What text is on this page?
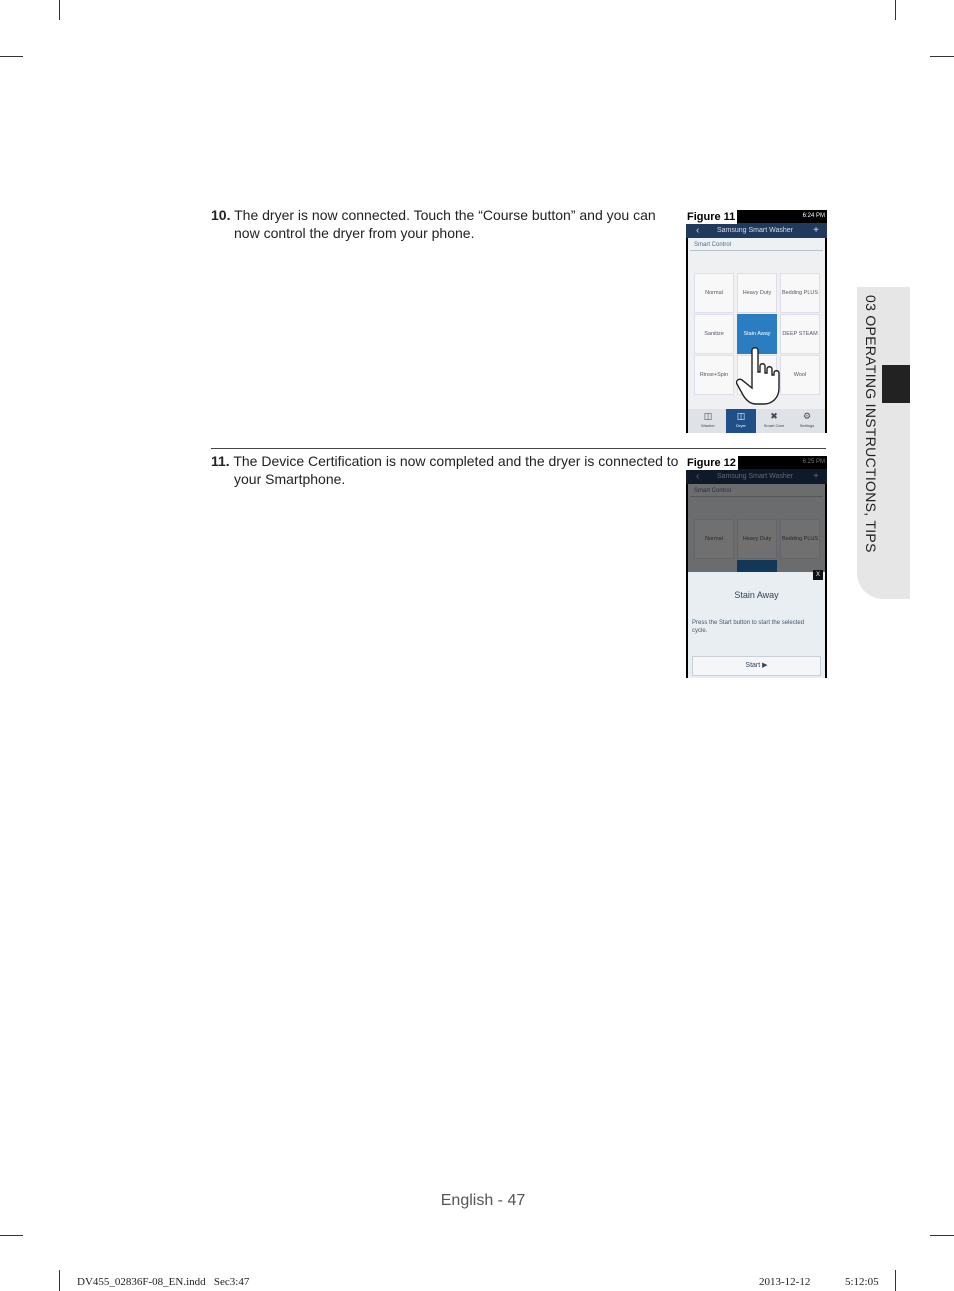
10. The dryer is now connected. Touch the “Course button” and you can now control the dryer from your phone.
Figure 11	6:24 PM
‹	Samsung Smart Washer +
Smart Control
Normal	Heavy Duty	Bedding PLUS
Sanitize	Stain Away	DEEP STEAM
Rinse+Spin	Wool
◫
Washer
◫
Dryer
✖
Smart Care
⚙
Settings
11. The Device Certification is now completed and the dryer is connected to your Smartphone.
Figure 12
X
Stain Away
Press the Start button to start the selected cycle.
Start ▶
03 OPERATING INSTRUCTIONS, TIPS
English - 47
DV455_02836F-08_EN.indd   Sec3:47	2013-12-12	5:12:05
